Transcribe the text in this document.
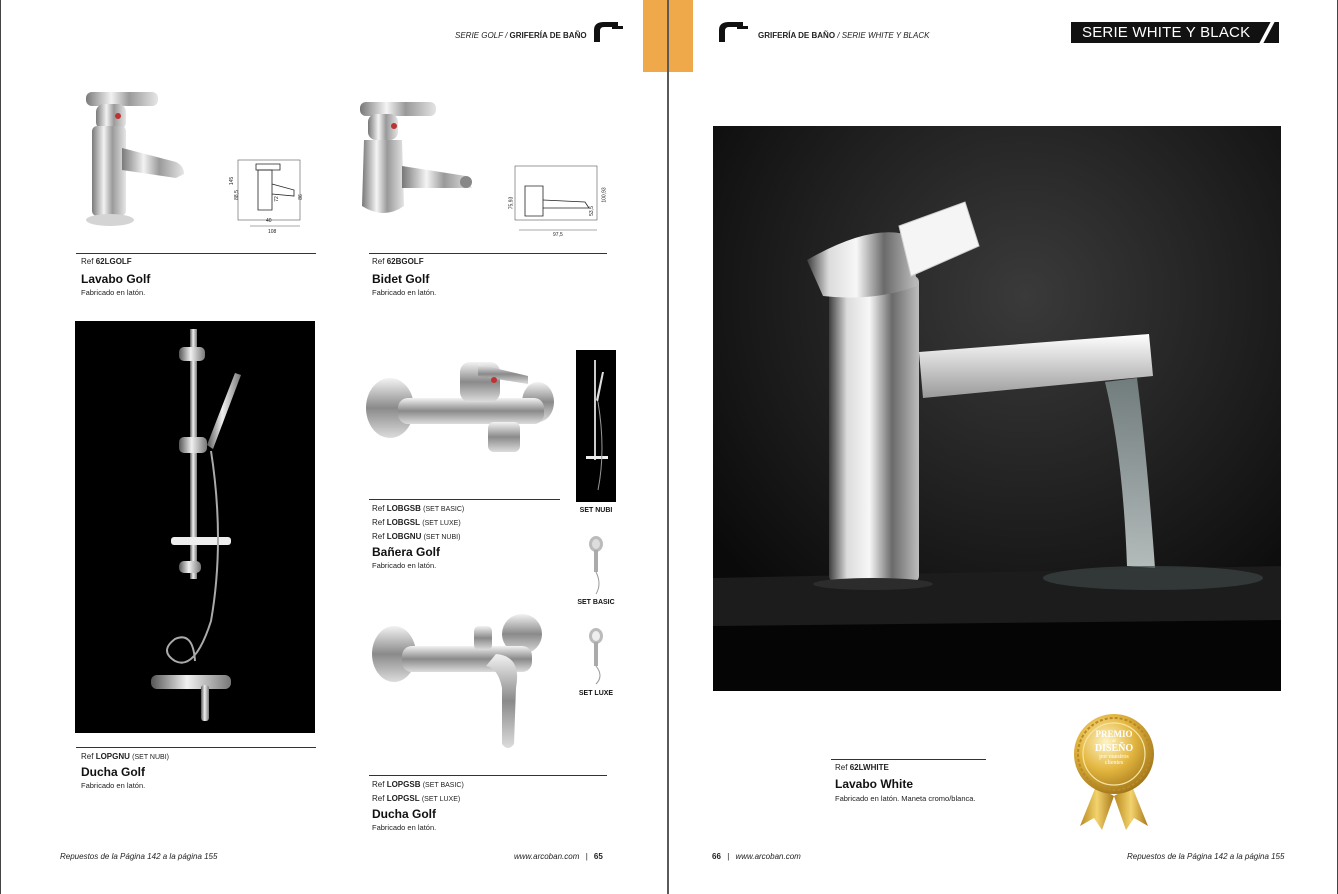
SERIE GOLF / GRIFERÍA DE BAÑO
145
88,5	72	86
40
108
Ref 62LGOLF
Lavabo Golf
Fabricado en latón.
75,93
53,5
100,93
97,5
Ref 62BGOLF
Bidet Golf
Fabricado en latón.
Ref LOPGNU (SET NUBI)
Ducha Golf
Fabricado en latón.
Ref LOBGSB (SET BASIC)
Ref LOBGSL (SET LUXE)
Ref LOBGNU (SET NUBI)
Bañera Golf
Fabricado en latón.
SET NUBI
SET BASIC
SET LUXE
Ref LOPGSB (SET BASIC)
Ref LOPGSL (SET LUXE)
Ducha Golf
Fabricado en latón.
Repuestos de la Página 142 a la página 155	www.arcoban.com | 65
GRIFERÍA DE BAÑO / SERIE WHITE Y BLACK	SERIE WHITE Y BLACK
Ref 62LWHITE
Lavabo White
Fabricado en latón. Maneta cromo/blanca.
PREMIO
al
DISEÑO
por nuestros
clientes
66 | www.arcoban.com	Repuestos de la Página 142 a la página 155
